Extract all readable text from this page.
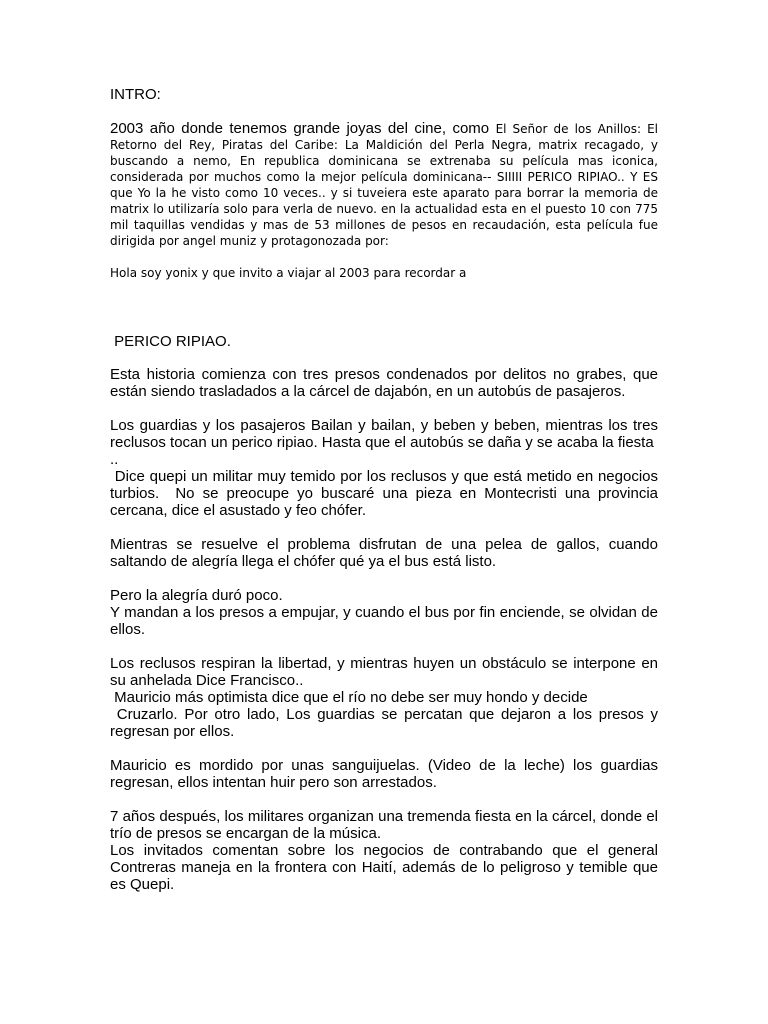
INTRO:

2003 año donde tenemos grande joyas del cine, como El Señor de los Anillos: El Retorno del Rey, Piratas del Caribe: La Maldición del Perla Negra, matrix recagado, y buscando a nemo, En republica dominicana se extrenaba su película mas iconica, considerada por muchos como la mejor película dominicana-- SIIIII PERICO RIPIAO.. Y ES que Yo la he visto como 10 veces.. y si tuveiera este aparato para borrar la memoria de matrix lo utilizaría solo para verla de nuevo. en la actualidad esta en el puesto 10 con 775 mil taquillas vendidas y mas de 53 millones de pesos en recaudación, esta película fue dirigida por angel muniz y protagonozada por:

Hola soy yonix y que invito a viajar al 2003 para recordar a

PERICO RIPIAO.

Esta historia comienza con tres presos condenados por delitos no grabes, que están siendo trasladados a la cárcel de dajabón, en un autobús de pasajeros.

Los guardias y los pasajeros Bailan y bailan, y beben y beben, mientras los tres reclusos tocan un perico ripiao. Hasta que el autobús se daña y se acaba la fiesta

..

Dice quepi un militar muy temido por los reclusos y que está metido en negocios turbios.  No se preocupe yo buscaré una pieza en Montecristi una provincia cercana, dice el asustado y feo chófer.

Mientras se resuelve el problema disfrutan de una pelea de gallos, cuando saltando de alegría llega el chófer qué ya el bus está listo.

Pero la alegría duró poco.

Y mandan a los presos a empujar, y cuando el bus por fin enciende, se olvidan de ellos.

Los reclusos respiran la libertad, y mientras huyen un obstáculo se interpone en su anhelada Dice Francisco..

Mauricio más optimista dice que el río no debe ser muy hondo y decide

Cruzarlo. Por otro lado, Los guardias se percatan que dejaron a los presos y regresan por ellos.

Mauricio es mordido por unas sanguijuelas. (Video de la leche) los guardias regresan, ellos intentan huir pero son arrestados.

7 años después, los militares organizan una tremenda fiesta en la cárcel, donde el trío de presos se encargan de la música.

Los invitados comentan sobre los negocios de contrabando que el general Contreras maneja en la frontera con Haití, además de lo peligroso y temible que es Quepi.
